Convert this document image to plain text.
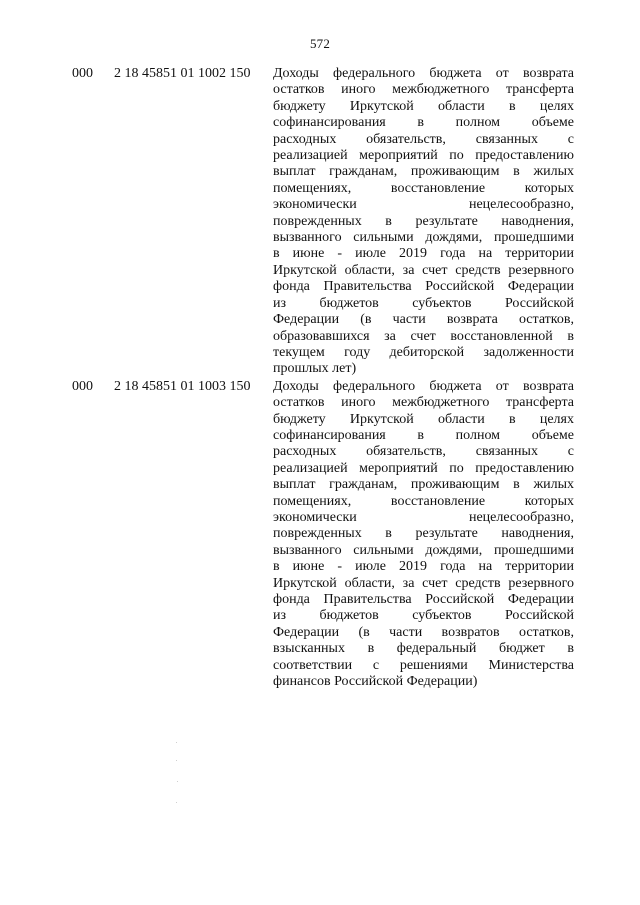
572
000 2 18 45851 01 1002 150 Доходы федерального бюджета от возврата
остатков иного межбюджетного трансферта
бюджету Иркутской области в целях
софинансирования в полном объеме
расходных обязательств, связанных с
реализацией мероприятий по предоставлению
выплат гражданам, проживающим в жилых
помещениях, восстановление которых
экономически нецелесообразно,
поврежденных в результате наводнения,
вызванного сильными дождями, прошедшими
в июне - июле 2019 года на территории
Иркутской области, за счет средств резервного
фонда Правительства Российской Федерации
из бюджетов субъектов Российской
Федерации (в части возврата остатков,
образовавшихся за счет восстановленной в
текущем году дебиторской задолженности
прошлых лет)
000 2 18 45851 01 1003 150 Доходы федерального бюджета от возврата
остатков иного межбюджетного трансферта
бюджету Иркутской области в целях
софинансирования в полном объеме
расходных обязательств, связанных с
реализацией мероприятий по предоставлению
выплат гражданам, проживающим в жилых
помещениях, восстановление которых
экономически нецелесообразно,
поврежденных в результате наводнения,
вызванного сильными дождями, прошедшими
в июне - июле 2019 года на территории
Иркутской области, за счет средств резервного
фонда Правительства Российской Федерации
из бюджетов субъектов Российской
Федерации (в части возвратов остатков,
взысканных в федеральный бюджет в
соответствии с решениями Министерства
финансов Российской Федерации)
